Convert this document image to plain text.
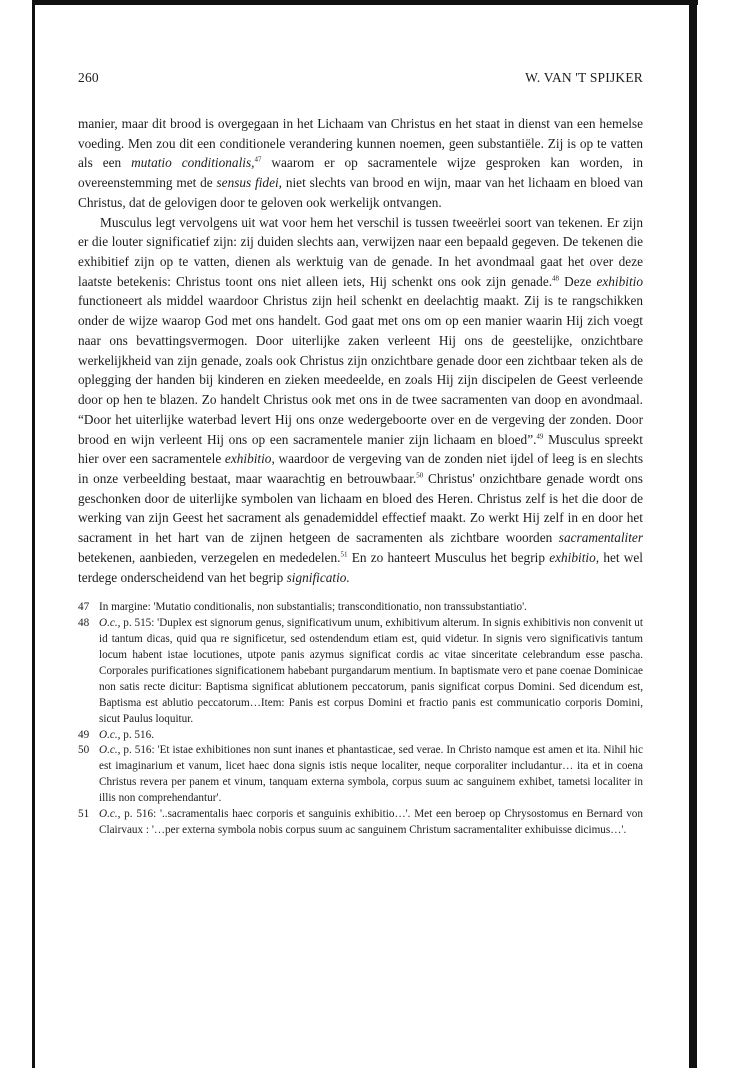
260	W. VAN 'T SPIJKER

manier, maar dit brood is overgegaan in het Lichaam van Christus en het staat in dienst van een hemelse voeding. Men zou dit een conditionele verandering kunnen noemen, geen substantiële. Zij is op te vatten als een mutatio conditionalis,$^{47}$ waarom er op sacramentele wijze gesproken kan worden, in overeenstemming met de sensus fidei, niet slechts van brood en wijn, maar van het lichaam en bloed van Christus, dat de gelovigen door te geloven ook werkelijk ontvangen.

Musculus legt vervolgens uit wat voor hem het verschil is tussen tweeërlei soort van tekenen. Er zijn er die louter significatief zijn: zij duiden slechts aan, verwijzen naar een bepaald gegeven. De tekenen die exhibitief zijn op te vatten, dienen als werktuig van de genade. In het avondmaal gaat het over deze laatste betekenis: Christus toont ons niet alleen iets, Hij schenkt ons ook zijn genade.$^{48}$ Deze exhibitio functioneert als middel waardoor Christus zijn heil schenkt en deelachtig maakt. Zij is te rangschikken onder de wijze waarop God met ons handelt. God gaat met ons om op een manier waarin Hij zich voegt naar ons bevattingsvermogen. Door uiterlijke zaken verleent Hij ons de geestelijke, onzichtbare werkelijkheid van zijn genade, zoals ook Christus zijn onzichtbare genade door een zichtbaar teken als de oplegging der handen bij kinderen en zieken meedeelde, en zoals Hij zijn discipelen de Geest verleende door op hen te blazen. Zo handelt Christus ook met ons in de twee sacramenten van doop en avondmaal. “Door het uiterlijke waterbad levert Hij ons onze wedergeboorte over en de vergeving der zonden. Door brood en wijn verleent Hij ons op een sacramentele manier zijn lichaam en bloed”.$^{49}$ Musculus spreekt hier over een sacramentele exhibitio, waardoor de vergeving van de zonden niet ijdel of leeg is en slechts in onze verbeelding bestaat, maar waarachtig en betrouwbaar.$^{50}$ Christus' onzichtbare genade wordt ons geschonken door de uiterlijke symbolen van lichaam en bloed des Heren. Christus zelf is het die door de werking van zijn Geest het sacrament als genademiddel effectief maakt. Zo werkt Hij zelf in en door het sacrament in het hart van de zijnen hetgeen de sacramenten als zichtbare woorden sacramentaliter betekenen, aanbieden, verzegelen en mededelen.$^{51}$ En zo hanteert Musculus het begrip exhibitio, het wel terdege onderscheidend van het begrip significatio.

47 In margine: 'Mutatio conditionalis, non substantialis; transconditionatio, non transsubstantiatio'.
48 O.c., p. 515: 'Duplex est signorum genus, significativum unum, exhibitivum alterum. In signis exhibitivis non convenit ut id tantum dicas, quid qua re significetur, sed ostendendum etiam est, quid videtur. In signis vero significativis tantum locum habent istae locutiones, utpote panis azymus significat cordis ac vitae sinceritate celebrandum esse pascha. Corporales purificationes significationem habebant purgandarum mentium. In baptismate vero et pane coenae Dominicae non satis recte dicitur: Baptisma significat ablutionem peccatorum, panis significat corpus Domini. Sed dicendum est, Baptisma est ablutio peccatorum…Item: Panis est corpus Domini et fractio panis est communicatio corporis Domini, sicut Paulus loquitur.
49 O.c., p. 516.
50 O.c., p. 516: 'Et istae exhibitiones non sunt inanes et phantasticae, sed verae. In Christo namque est amen et ita. Nihil hic est imaginarium et vanum, licet haec dona signis istis neque localiter, neque corporaliter includantur… ita et in coena Christus revera per panem et vinum, tanquam externa symbola, corpus suum ac sanguinem exhibet, tametsi localiter in illis non comprehendantur'.
51 O.c., p. 516: '..sacramentalis haec corporis et sanguinis exhibitio…'. Met een beroep op Chrysostomus en Bernard von Clairvaux : '…per externa symbola nobis corpus suum ac sanguinem Christum sacramentaliter exhibuisse dicimus…'.
